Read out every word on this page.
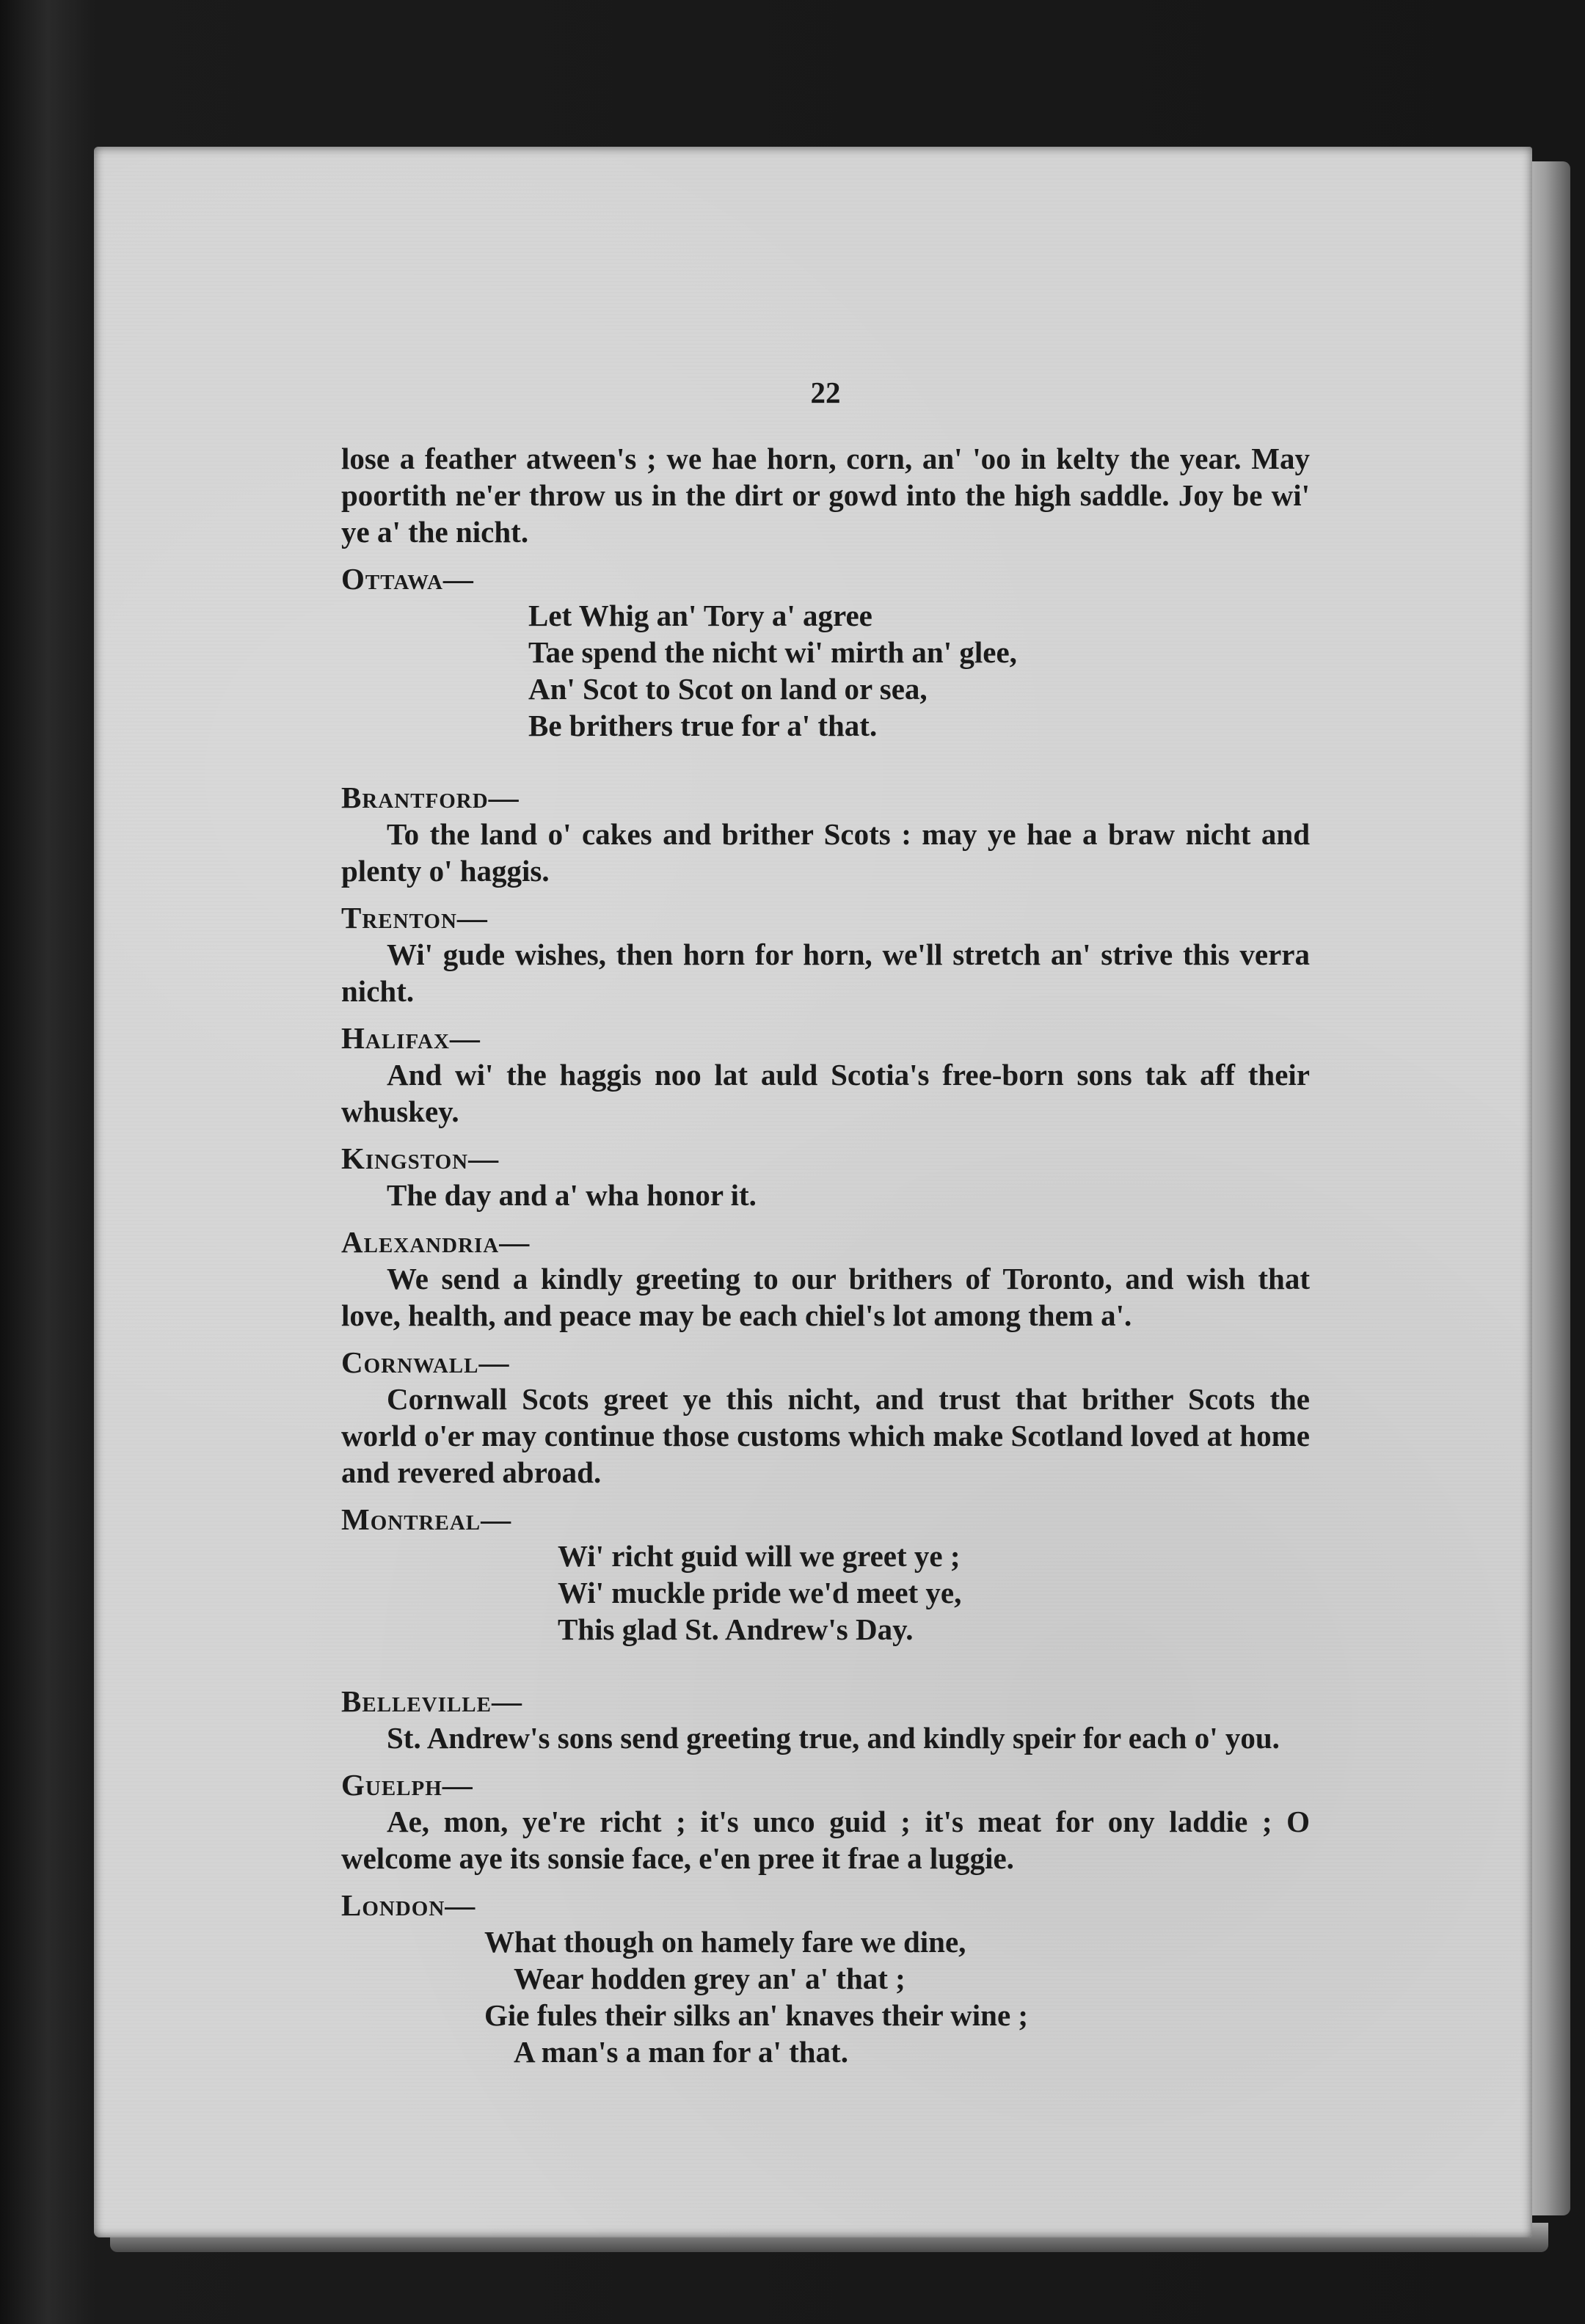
22

lose a feather atween's ; we hae horn, corn, an' 'oo in kelty the year. May poortith ne'er throw us in the dirt or gowd into the high saddle. Joy be wi' ye a' the nicht.

Ottawa—
Let Whig an' Tory a' agree
Tae spend the nicht wi' mirth an' glee,
An' Scot to Scot on land or sea,
Be brithers true for a' that.
Brantford—

To the land o' cakes and brither Scots : may ye hae a braw nicht and plenty o' haggis.

Trenton—

Wi' gude wishes, then horn for horn, we'll stretch an' strive this verra nicht.

Halifax—

And wi' the haggis noo lat auld Scotia's free-born sons tak aff their whuskey.

Kingston—

The day and a' wha honor it.

Alexandria—

We send a kindly greeting to our brithers of Toronto, and wish that love, health, and peace may be each chiel's lot among them a'.

Cornwall—

Cornwall Scots greet ye this nicht, and trust that brither Scots the world o'er may continue those customs which make Scotland loved at home and revered abroad.

Montreal—
Wi' richt guid will we greet ye ;
Wi' muckle pride we'd meet ye,
This glad St. Andrew's Day.
Belleville—

St. Andrew's sons send greeting true, and kindly speir for each o' you.

Guelph—

Ae, mon, ye're richt ; it's unco guid ; it's meat for ony laddie ; O welcome aye its sonsie face, e'en pree it frae a luggie.

London—
What though on hamely fare we dine,
Wear hodden grey an' a' that ;
Gie fules their silks an' knaves their wine ;
A man's a man for a' that.
